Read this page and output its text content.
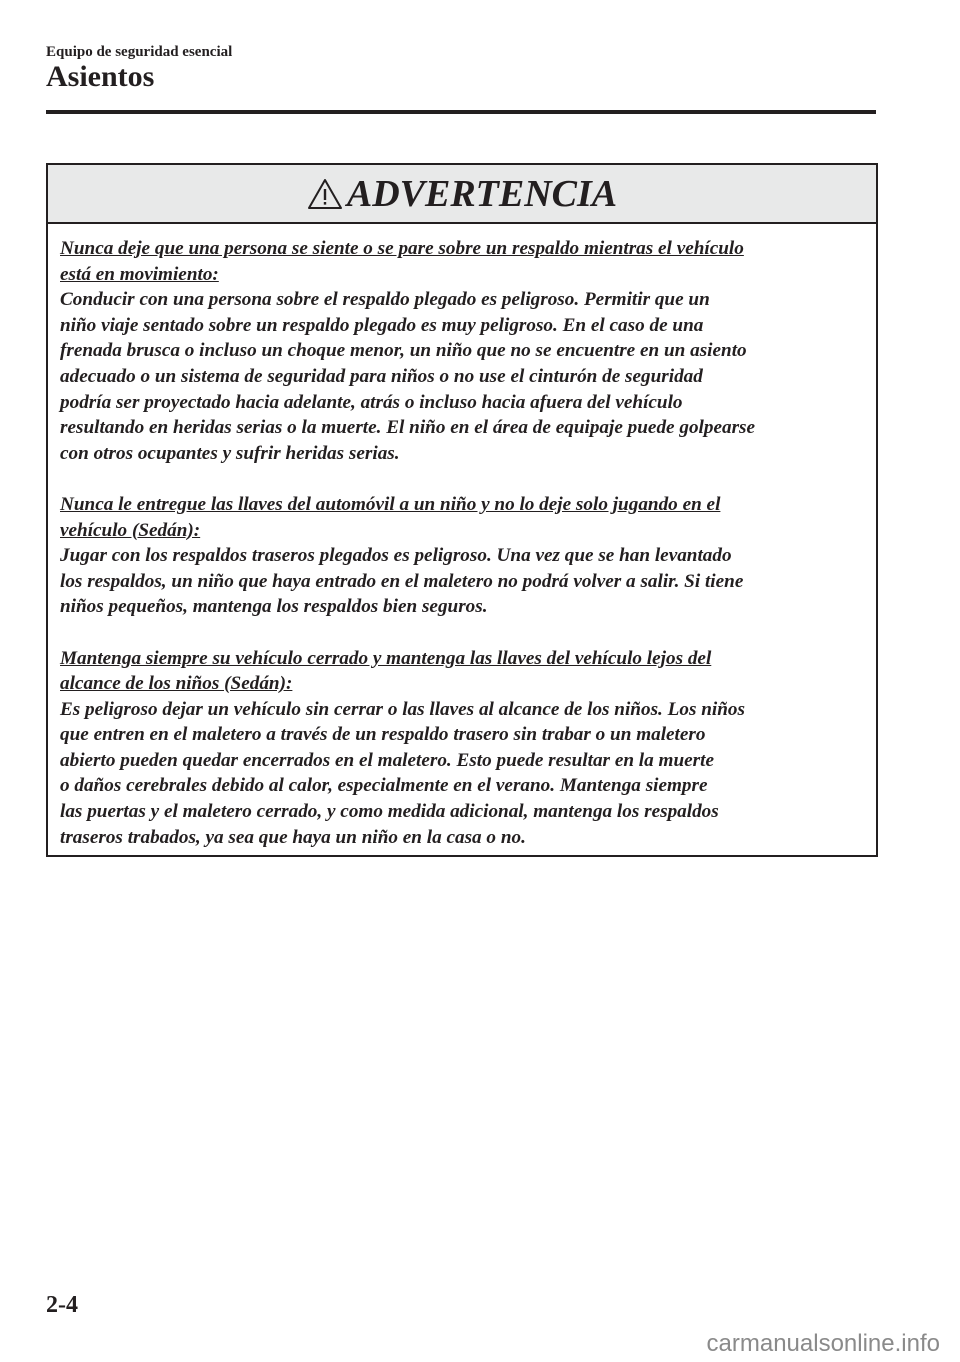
Equipo de seguridad esencial
Asientos
ADVERTENCIA
Nunca deje que una persona se siente o se pare sobre un respaldo mientras el vehículo
está en movimiento:
Conducir con una persona sobre el respaldo plegado es peligroso. Permitir que un
niño viaje sentado sobre un respaldo plegado es muy peligroso. En el caso de una
frenada brusca o incluso un choque menor, un niño que no se encuentre en un asiento
adecuado o un sistema de seguridad para niños o no use el cinturón de seguridad
podría ser proyectado hacia adelante, atrás o incluso hacia afuera del vehículo
resultando en heridas serias o la muerte. El niño en el área de equipaje puede golpearse
con otros ocupantes y sufrir heridas serias.
Nunca le entregue las llaves del automóvil a un niño y no lo deje solo jugando en el
vehículo (Sedán):
Jugar con los respaldos traseros plegados es peligroso. Una vez que se han levantado
los respaldos, un niño que haya entrado en el maletero no podrá volver a salir. Si tiene
niños pequeños, mantenga los respaldos bien seguros.
Mantenga siempre su vehículo cerrado y mantenga las llaves del vehículo lejos del
alcance de los niños (Sedán):
Es peligroso dejar un vehículo sin cerrar o las llaves al alcance de los niños. Los niños
que entren en el maletero a través de un respaldo trasero sin trabar o un maletero
abierto pueden quedar encerrados en el maletero. Esto puede resultar en la muerte
o daños cerebrales debido al calor, especialmente en el verano. Mantenga siempre
las puertas y el maletero cerrado, y como medida adicional, mantenga los respaldos
traseros trabados, ya sea que haya un niño en la casa o no.
2-4
carmanualsonline.info
